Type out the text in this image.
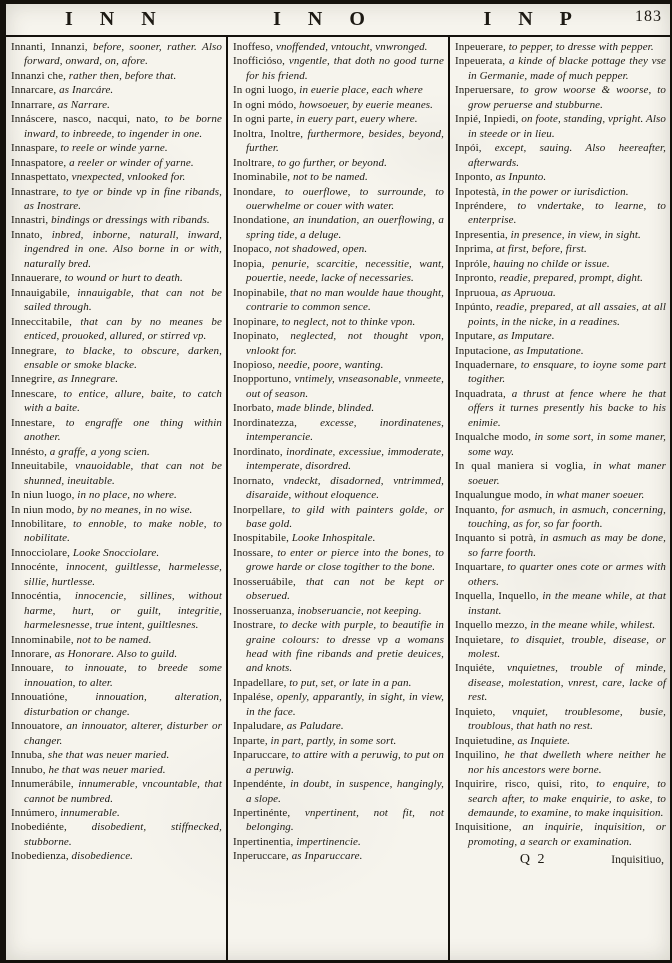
I N N	I N O	I N P	183

Innanti, Innanzi, before, sooner, rather. Also forward, onward, on, afore.

Innanzi che, rather then, before that.

Innarcare, as Inarcáre.

Innarrare, as Narrare.

Innáscere, nasco, nacqui, nato, to be borne inward, to inbreede, to ingender in one.

Innaspare, to reele or winde yarne.

Innaspatore, a reeler or winder of yarne.

Innaspettato, vnexpected, vnlooked for.

Innastrare, to tye or binde vp in fine ribands, as Inostrare.

Innastri, bindings or dressings with ribands.

Innato, inbred, inborne, naturall, inward, ingendred in one. Also borne in or with, naturally bred.

Innauerare, to wound or hurt to death.

Innauigabile, innauigable, that can not be sailed through.

Inneccitabile, that can by no meanes be enticed, prouoked, allured, or stirred vp.

Innegrare, to blacke, to obscure, darken, ensable or smoke blacke.

Innegrire, as Innegrare.

Innescare, to entice, allure, baite, to catch with a baite.

Innestare, to engraffe one thing within another.

Innésto, a graffe, a yong scien.

Inneuitabile, vnauoidable, that can not be shunned, ineuitable.

In niun luogo, in no place, no where.

In niun modo, by no meanes, in no wise.

Innobilitare, to ennoble, to make noble, to nobilitate.

Innocciolare, Looke Snocciolare.

Innocénte, innocent, guiltlesse, harmelesse, sillie, hurtlesse.

Innocéntia, innocencie, sillines, without harme, hurt, or guilt, integritie, harmelesnesse, true intent, guiltlesnes.

Innominabile, not to be named.

Innorare, as Honorare. Also to guild.

Innouare, to innouate, to breede some innouation, to alter.

Innouatióne, innouation, alteration, disturbation or change.

Innouatore, an innouator, alterer, disturber or changer.

Innuba, she that was neuer maried.

Innubo, he that was neuer maried.

Innumerábile, innumerable, vncountable, that cannot be numbred.

Innúmero, innumerable.

Inobediénte, disobedient, stiffnecked, stubborne.

Inobedienza, disobedience.

Inoffeso, vnoffended, vntoucht, vnwronged.

Inofficióso, vngentle, that doth no good turne for his friend.

In ogni luogo, in euerie place, each where

In ogni módo, howsoeuer, by euerie meanes.

In ogni parte, in euery part, euery where.

Inoltra, Inoltre, furthermore, besides, beyond, further.

Inoltrare, to go further, or beyond.

Inominabile, not to be named.

Inondare, to ouerflowe, to surrounde, to ouerwhelme or couer with water.

Inondatione, an inundation, an ouerflowing, a spring tide, a deluge.

Inopaco, not shadowed, open.

Inopia, penurie, scarcitie, necessitie, want, pouertie, neede, lacke of necessaries.

Inopinabile, that no man woulde haue thought, contrarie to common sence.

Inopinare, to neglect, not to thinke vpon.

Inopinato, neglected, not thought vpon, vnlookt for.

Inopioso, needie, poore, wanting.

Inopportuno, vntimely, vnseasonable, vnmeete, out of season.

Inorbato, made blinde, blinded.

Inordinatezza, excesse, inordinatenes, intemperancie.

Inordinato, inordinate, excessiue, immoderate, intemperate, disordred.

Inornato, vndeckt, disadorned, vntrimmed, disaraide, without eloquence.

Inorpellare, to gild with painters golde, or base gold.

Inospitabile, Looke Inhospitale.

Inossare, to enter or pierce into the bones, to growe harde or close togither to the bone.

Inosseruábile, that can not be kept or obserued.

Inosseruanza, inobseruancie, not keeping.

Inostrare, to decke with purple, to beautifie in graine colours: to dresse vp a womans head with fine ribands and pretie deuices, and knots.

Inpadellare, to put, set, or late in a pan.

Inpalése, openly, apparantly, in sight, in view, in the face.

Inpaludare, as Paludare.

Inparte, in part, partly, in some sort.

Inparuccare, to attire with a peruwig, to put on a peruwig.

Inpendénte, in doubt, in suspence, hangingly, a slope.

Inpertinénte, vnpertinent, not fit, not belonging.

Inpertinentia, impertinencie.

Inperuccare, as Inparuccare.

Inpeuerare, to pepper, to dresse with pepper.

Inpeuerata, a kinde of blacke pottage they vse in Germanie, made of much pepper.

Inperuersare, to grow woorse & woorse, to grow peruerse and stubburne.

Inpié, Inpiedi, on foote, standing, vpright. Also in steede or in lieu.

Inpói, except, sauing. Also heereafter, afterwards.

Inponto, as Inpunto.

Inpotestà, in the power or iurisdiction.

Inpréndere, to vndertake, to learne, to enterprise.

Inpresentia, in presence, in view, in sight.

Inprima, at first, before, first.

Inpróle, hauing no childe or issue.

Inpronto, readie, prepared, prompt, dight.

Inpruoua, as Apruoua.

Inpúnto, readie, prepared, at all assaies, at all points, in the nicke, in a readines.

Inputare, as Imputare.

Inputacione, as Imputatione.

Inquadernare, to ensquare, to ioyne some part togither.

Inquadrata, a thrust at fence where he that offers it turnes presently his backe to his enimie.

Inqualche modo, in some sort, in some maner, some way.

In qual maniera si voglia, in what maner soeuer.

Inqualungue modo, in what maner soeuer.

Inquanto, for asmuch, in asmuch, concerning, touching, as for, so far foorth.

Inquanto si potrà, in asmuch as may be done, so farre foorth.

Inquartare, to quarter ones cote or armes with others.

Inquella, Inquello, in the meane while, at that instant.

Inquello mezzo, in the meane while, whilest.

Inquietare, to disquiet, trouble, disease, or molest.

Inquiéte, vnquietnes, trouble of minde, disease, molestation, vnrest, care, lacke of rest.

Inquieto, vnquiet, troublesome, busie, troublous, that hath no rest.

Inquietudine, as Inquiete.

Inquilino, he that dwelleth where neither he nor his ancestors were borne.

Inquirire, risco, quisi, rito, to enquire, to search after, to make enquirie, to aske, to demaunde, to examine, to make inquisition.

Inquisitione, an inquirie, inquisition, or promoting, a search or examination.

Q 2	Inquisitiuo,
